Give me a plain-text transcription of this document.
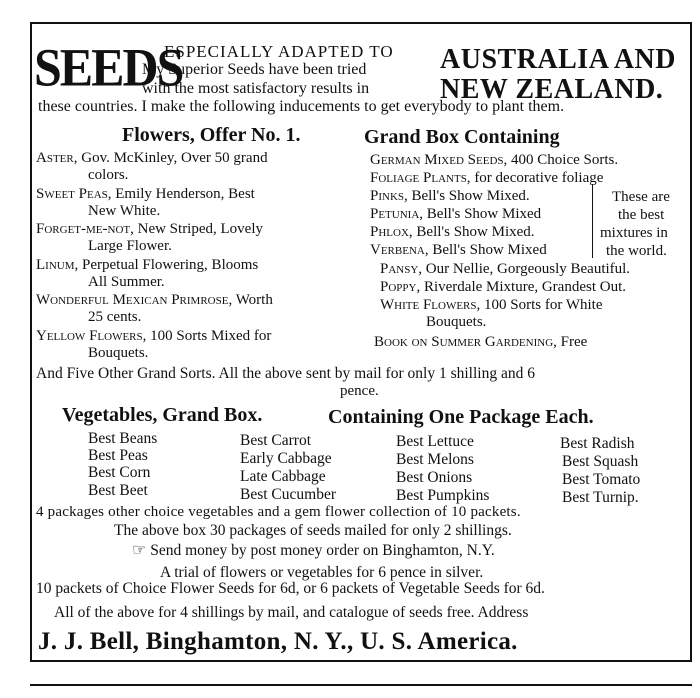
SEEDS
ESPECIALLY ADAPTED TO
My Superior Seeds have been tried
with the most satisfactory results in
AUSTRALIA AND
NEW ZEALAND.
these countries. I make the following inducements to get everybody to plant them.
Flowers, Offer No. 1.
Aster, Gov. McKinley, Over 50 grand
colors.
Sweet Peas, Emily Henderson, Best
New White.
Forget-me-not, New Striped, Lovely
Large Flower.
Linum, Perpetual Flowering, Blooms
All Summer.
Wonderful Mexican Primrose, Worth
25 cents.
Yellow Flowers, 100 Sorts Mixed for
Bouquets.
Grand Box Containing
German Mixed Seeds, 400 Choice Sorts.
Foliage Plants, for decorative foliage
Pinks, Bell's Show Mixed.
Petunia, Bell's Show Mixed
Phlox, Bell's Show Mixed.
Verbena, Bell's Show Mixed
These are
the best
mixtures in
the world.
Pansy, Our Nellie, Gorgeously Beautiful.
Poppy, Riverdale Mixture, Grandest Out.
White Flowers, 100 Sorts for White
Bouquets.
Book on Summer Gardening, Free
And Five Other Grand Sorts. All the above sent by mail for only 1 shilling and 6
pence.
Vegetables, Grand Box.	Containing One Package Each.
Best Beans
Best Peas
Best Corn
Best Beet
Best Carrot
Early Cabbage
Late Cabbage
Best Cucumber
Best Lettuce
Best Melons
Best Onions
Best Pumpkins
Best Radish
Best Squash
Best Tomato
Best Turnip.
4 packages other choice vegetables and a gem flower collection of 10 packets.
The above box 30 packages of seeds mailed for only 2 shillings.
☞ Send money by post money order on Binghamton, N.Y.
A trial of flowers or vegetables for 6 pence in silver.
10 packets of Choice Flower Seeds for 6d, or 6 packets of Vegetable Seeds for 6d.
All of the above for 4 shillings by mail, and catalogue of seeds free. Address
J. J. Bell, Binghamton, N. Y., U. S. America.
